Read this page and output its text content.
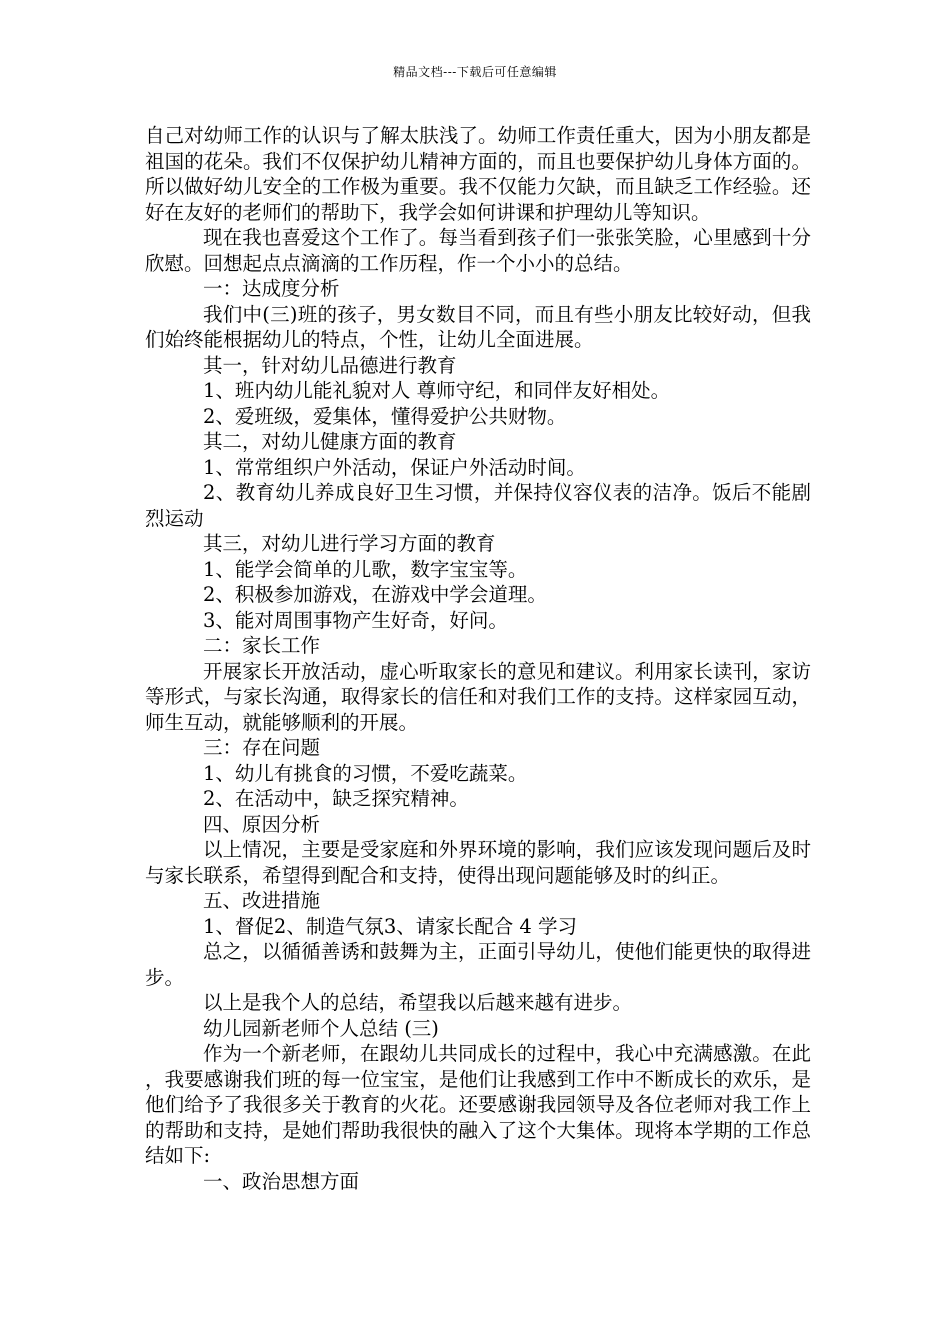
精品文档---下载后可任意编辑

自己对幼师工作的认识与了解太肤浅了。幼师工作责任重大，因为小朋友都是祖国的花朵。我们不仅保护幼儿精神方面的，而且也要保护幼儿身体方面的。所以做好幼儿安全的工作极为重要。我不仅能力欠缺，而且缺乏工作经验。还好在友好的老师们的帮助下，我学会如何讲课和护理幼儿等知识。

现在我也喜爱这个工作了。每当看到孩子们一张张笑脸，心里感到十分欣慰。回想起点点滴滴的工作历程，作一个小小的总结。

一：达成度分析

我们中(三)班的孩子，男女数目不同，而且有些小朋友比较好动，但我们始终能根据幼儿的特点，个性，让幼儿全面进展。

其一，针对幼儿品德进行教育

1、班内幼儿能礼貌对人 尊师守纪，和同伴友好相处。

2、爱班级，爱集体，懂得爱护公共财物。

其二，对幼儿健康方面的教育

1、常常组织户外活动，保证户外活动时间。

2、教育幼儿养成良好卫生习惯，并保持仪容仪表的洁净。饭后不能剧烈运动

其三，对幼儿进行学习方面的教育

1、能学会简单的儿歌，数字宝宝等。

2、积极参加游戏，在游戏中学会道理。

3、能对周围事物产生好奇，好问。

二：家长工作

开展家长开放活动，虚心听取家长的意见和建议。利用家长读刊，家访等形式，与家长沟通，取得家长的信任和对我们工作的支持。这样家园互动，师生互动，就能够顺利的开展。

三：存在问题

1、幼儿有挑食的习惯，不爱吃蔬菜。

2、在活动中，缺乏探究精神。

四、原因分析

以上情况，主要是受家庭和外界环境的影响，我们应该发现问题后及时与家长联系，希望得到配合和支持，使得出现问题能够及时的纠正。

五、改进措施

1、督促2、制造气氛3、请家长配合 4 学习

总之，以循循善诱和鼓舞为主，正面引导幼儿，使他们能更快的取得进步。

以上是我个人的总结，希望我以后越来越有进步。

幼儿园新老师个人总结 (三)

作为一个新老师，在跟幼儿共同成长的过程中，我心中充满感激。在此，我要感谢我们班的每一位宝宝，是他们让我感到工作中不断成长的欢乐，是他们给予了我很多关于教育的火花。还要感谢我园领导及各位老师对我工作上的帮助和支持，是她们帮助我很快的融入了这个大集体。现将本学期的工作总结如下:

一、政治思想方面
